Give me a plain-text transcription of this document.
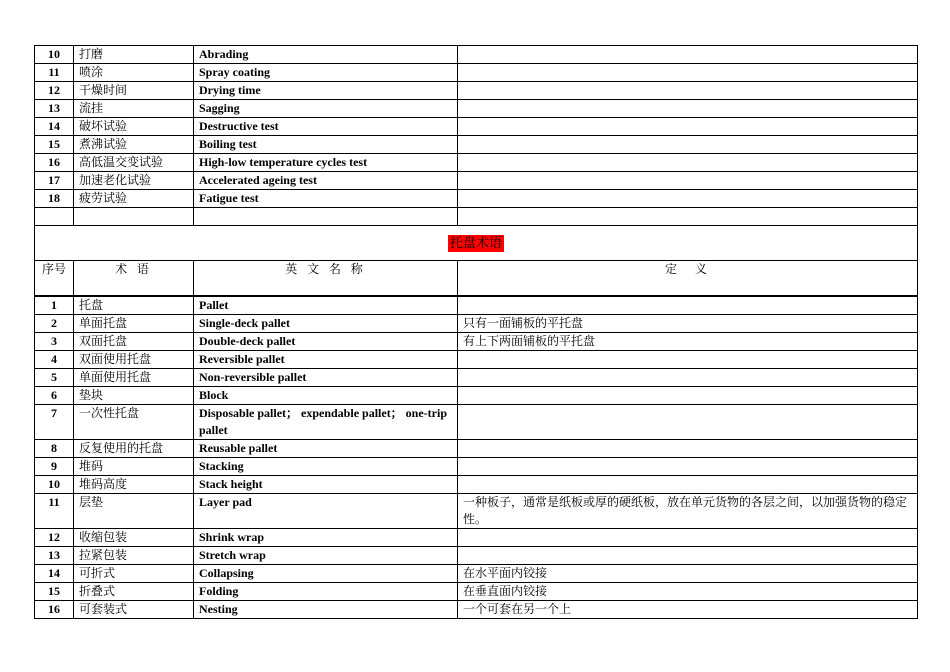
10	打磨	Abrading	
11	喷涂	Spray coating	
12	干燥时间	Drying time	
13	流挂	Sagging	
14	破坏试验	Destructive test	
15	煮沸试验	Boiling test	
16	高低温交变试验	High-low temperature cycles test	
17	加速老化试验	Accelerated ageing test	
18	疲劳试验	Fatigue test	

托盘术语			
序号	术 语	英 文 名 称	定　义
1	托盘	Pallet	
2	单面托盘	Single-deck pallet	只有一面铺板的平托盘
3	双面托盘	Double-deck pallet	有上下两面铺板的平托盘
4	双面使用托盘	Reversible pallet	
5	单面使用托盘	Non-reversible pallet	
6	垫块	Block	
7	一次性托盘	Disposable pallet； expendable pallet； one-trip pallet	
8	反复使用的托盘	Reusable pallet	
9	堆码	Stacking	
10	堆码高度	Stack height	
11	层垫	Layer pad	一种板子，通常是纸板或厚的硬纸板，放在单元货物的各层之间，以加强货物的稳定性。
12	收缩包装	Shrink wrap	
13	拉紧包装	Stretch wrap	
14	可折式	Collapsing	在水平面内铰接
15	折叠式	Folding	在垂直面内铰接
16	可套装式	Nesting	一个可套在另一个上
